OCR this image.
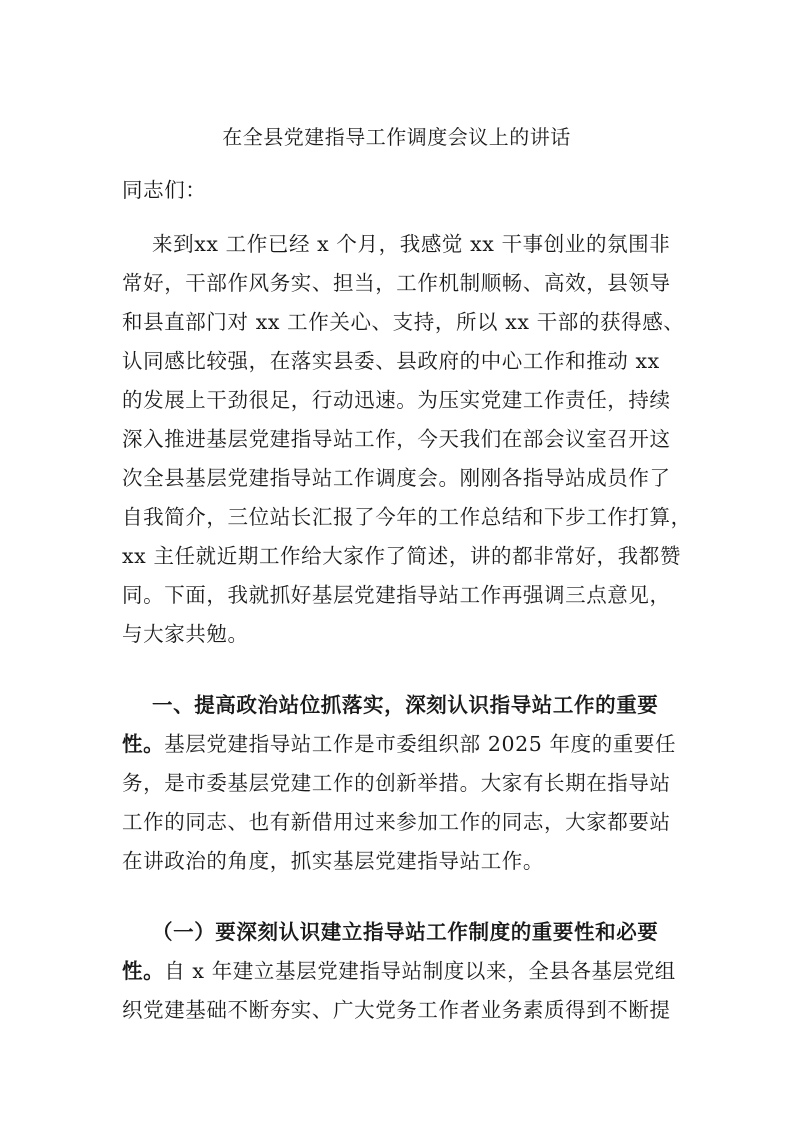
在全县党建指导工作调度会议上的讲话
同志们：
来到xx 工作已经 x 个月，我感觉 xx 干事创业的氛围非
常好，干部作风务实、担当，工作机制顺畅、高效，县领导
和县直部门对 xx 工作关心、支持，所以 xx 干部的获得感、
认同感比较强，在落实县委、县政府的中心工作和推动 xx
的发展上干劲很足，行动迅速。为压实党建工作责任，持续
深入推进基层党建指导站工作，今天我们在部会议室召开这
次全县基层党建指导站工作调度会。刚刚各指导站成员作了
自我简介，三位站长汇报了今年的工作总结和下步工作打算，
xx 主任就近期工作给大家作了简述，讲的都非常好，我都赞
同。下面，我就抓好基层党建指导站工作再强调三点意见，
与大家共勉。
一、提高政治站位抓落实，深刻认识指导站工作的重要
性。基层党建指导站工作是市委组织部 2025 年度的重要任
务，是市委基层党建工作的创新举措。大家有长期在指导站
工作的同志、也有新借用过来参加工作的同志，大家都要站
在讲政治的角度，抓实基层党建指导站工作。
（一）要深刻认识建立指导站工作制度的重要性和必要
性。自 x 年建立基层党建指导站制度以来，全县各基层党组
织党建基础不断夯实、广大党务工作者业务素质得到不断提
